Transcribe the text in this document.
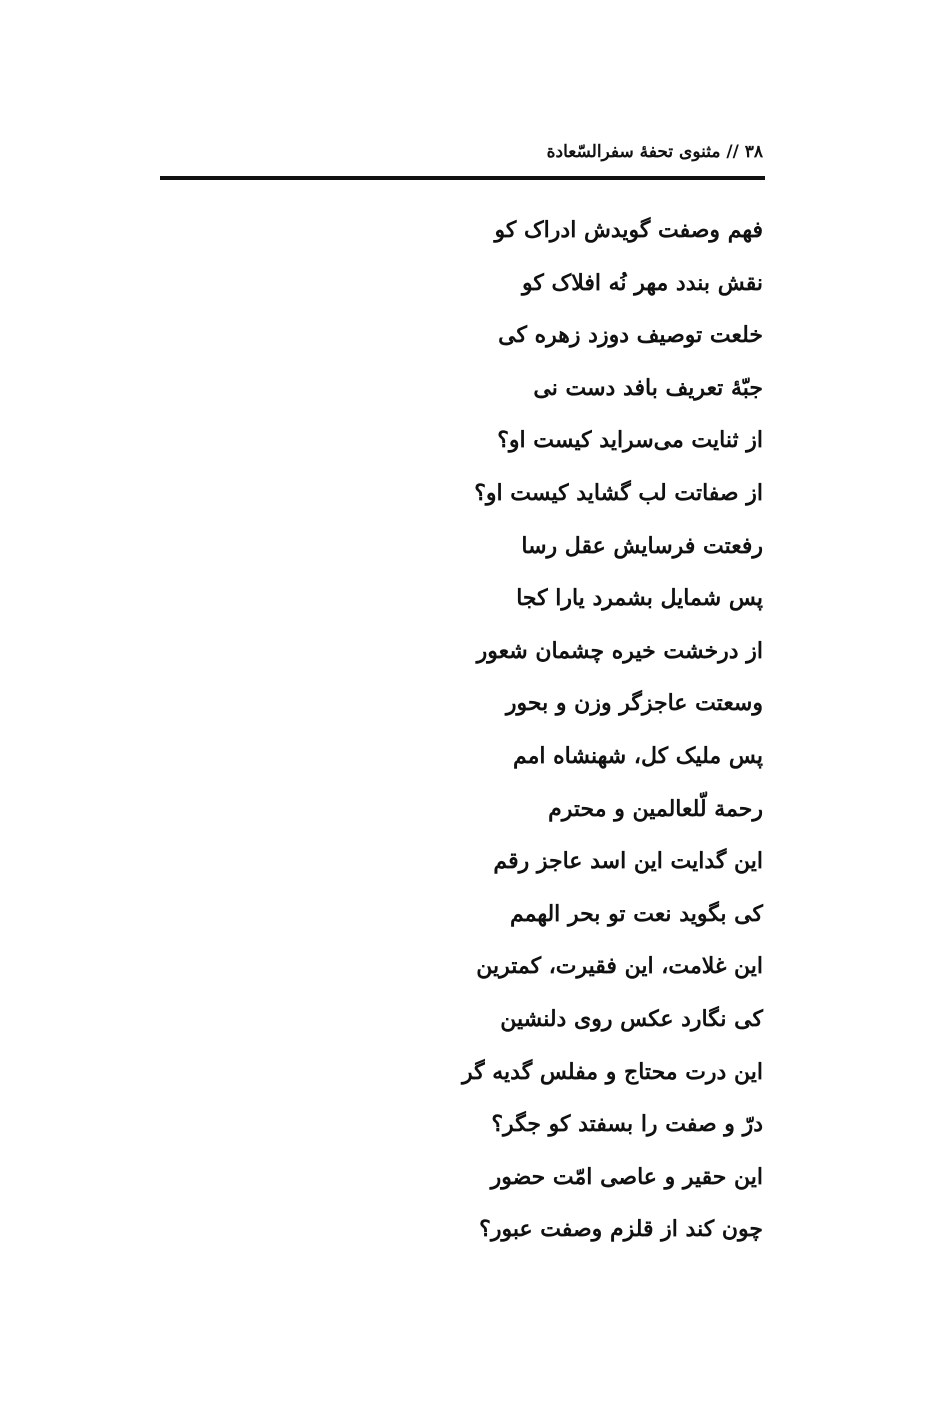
۳۸ // مثنوی تحفهٔ سفرالسّعادة
فهم وصفت گویدش ادراک کو
نقش بندد مهر نُه افلاک کو
خلعت توصیف دوزد زهره کی
جبّهٔ تعریف بافد دست نی
از ثنایت می‌سراید کیست او؟
از صفاتت لب گشاید کیست او؟
رفعتت فرسایش عقل رسا
پس شمایل بشمرد یارا کجا
از درخشت خیره چشمان شعور
وسعتت عاجزگر وزن و بحور
پس ملیک کل، شهنشاه امم
رحمة لّلعالمین و محترم
این گدایت این اسد عاجز رقم
کی بگوید نعت تو بحر الهمم
این غلامت، این فقیرت، کمترین
کی نگارد عکس روی دلنشین
این درت محتاج و مفلس گدیه گر
درّ و صفت را بسفتد کو جگر؟
این حقیر و عاصی امّت حضور
چون کند از قلزم وصفت عبور؟
